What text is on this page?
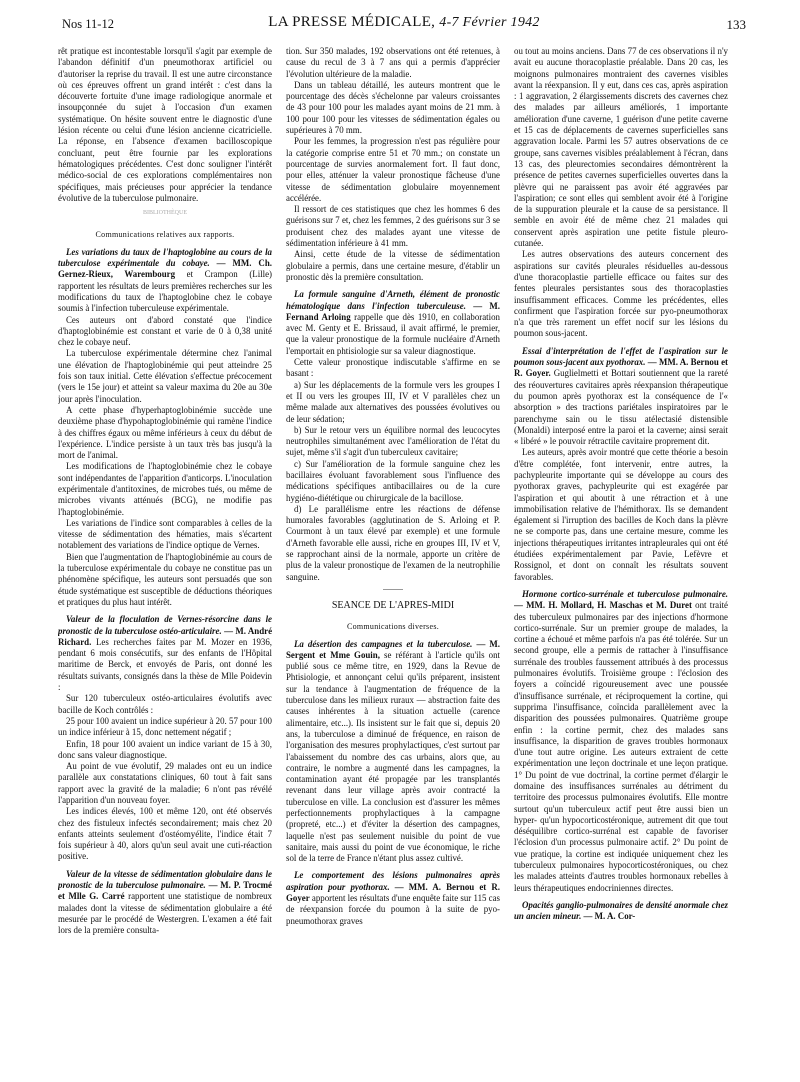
Nos 11-12	LA PRESSE MÉDICALE, 4-7 Février 1942	133

rêt pratique est incontestable lorsqu'il s'agit par exemple de l'abandon définitif d'un pneumothorax artificiel ou d'autoriser la reprise du travail. Il est une autre circonstance où ces épreuves offrent un grand intérêt : c'est dans la découverte fortuite d'une image radiologique anormale et insoupçonnée du sujet à l'occasion d'un examen systématique. On hésite souvent entre le diagnostic d'une lésion récente ou celui d'une lésion ancienne cicatricielle. La réponse, en l'absence d'examen bacilloscopique concluant, peut être fournie par les explorations hématologiques précédentes. C'est donc souligner l'intérêt médico-social de ces explorations complémentaires non spécifiques, mais précieuses pour apprécier la tendance évolutive de la tuberculose pulmonaire.

BIBLIOTHÈQUE

Communications relatives aux rapports.

Les variations du taux de l'haptoglobine au cours de la tuberculose expérimentale du cobaye. — MM. Ch. Gernez-Rieux, Warembourg et Crampon (Lille) rapportent les résultats de leurs premières recherches sur les modifications du taux de l'haptoglobine chez le cobaye soumis à l'infection tuberculeuse expérimentale.

Ces auteurs ont d'abord constaté que l'indice d'haptoglobinémie est constant et varie de 0 à 0,38 unité chez le cobaye neuf.

La tuberculose expérimentale détermine chez l'animal une élévation de l'haptoglobinémie qui peut atteindre 25 fois son taux initial. Cette élévation s'effectue précocement (vers le 15e jour) et atteint sa valeur maxima du 20e au 30e jour après l'inoculation.

A cette phase d'hyperhaptoglobinémie succède une deuxième phase d'hypohaptoglobinémie qui ramène l'indice à des chiffres égaux ou même inférieurs à ceux du début de l'expérience. L'indice persiste à un taux très bas jusqu'à la mort de l'animal.

Les modifications de l'haptoglobinémie chez le cobaye sont indépendantes de l'apparition d'anticorps. L'inoculation expérimentale d'antitoxines, de microbes tués, ou même de microbes vivants atténués (BCG), ne modifie pas l'haptoglobinémie.

Les variations de l'indice sont comparables à celles de la vitesse de sédimentation des hématies, mais s'écartent notablement des variations de l'indice optique de Vernes.

Bien que l'augmentation de l'haptoglobinémie au cours de la tuberculose expérimentale du cobaye ne constitue pas un phénomène spécifique, les auteurs sont persuadés que son étude systématique est susceptible de déductions théoriques et pratiques du plus haut intérêt.

Valeur de la floculation de Vernes-résorcine dans le pronostic de la tuberculose ostéo-articulaire. — M. André Richard. Les recherches faites par M. Mozer en 1936, pendant 6 mois consécutifs, sur des enfants de l'Hôpital maritime de Berck, et envoyés de Paris, ont donné les résultats suivants, consignés dans la thèse de Mlle Poidevin :

Sur 120 tuberculeux ostéo-articulaires évolutifs avec bacille de Koch contrôlés :

25 pour 100 avaient un indice supérieur à 20. 57 pour 100 un indice inférieur à 15, donc nettement négatif ;

Enfin, 18 pour 100 avaient un indice variant de 15 à 30, donc sans valeur diagnostique.

Au point de vue évolutif, 29 malades ont eu un indice parallèle aux constatations cliniques, 60 tout à fait sans rapport avec la gravité de la maladie; 6 n'ont pas révélé l'apparition d'un nouveau foyer.

Les indices élevés, 100 et même 120, ont été observés chez des fistuleux infectés secondairement; mais chez 20 enfants atteints seulement d'ostéomyélite, l'indice était 7 fois supérieur à 40, alors qu'un seul avait une cuti-réaction positive.

Valeur de la vitesse de sédimentation globulaire dans le pronostic de la tuberculose pulmonaire. — M. P. Trocmé et Mlle G. Carré rapportent une statistique de nombreux malades dont la vitesse de sédimentation globulaire a été mesurée par le procédé de Westergren. L'examen a été fait lors de la première consulta-

tion. Sur 350 malades, 192 observations ont été retenues, à cause du recul de 3 à 7 ans qui a permis d'apprécier l'évolution ultérieure de la maladie.

Dans un tableau détaillé, les auteurs montrent que le pourcentage des décès s'échelonne par valeurs croissantes de 43 pour 100 pour les malades ayant moins de 21 mm. à 100 pour 100 pour les vitesses de sédimentation égales ou supérieures à 70 mm.

Pour les femmes, la progression n'est pas régulière pour la catégorie comprise entre 51 et 70 mm.; on constate un pourcentage de survies anormalement fort. Il faut donc, pour elles, atténuer la valeur pronostique fâcheuse d'une vitesse de sédimentation globulaire moyennement accélérée.

Il ressort de ces statistiques que chez les hommes 6 des guérisons sur 7 et, chez les femmes, 2 des guérisons sur 3 se produisent chez des malades ayant une vitesse de sédimentation inférieure à 41 mm.

Ainsi, cette étude de la vitesse de sédimentation globulaire a permis, dans une certaine mesure, d'établir un pronostic dès la première consultation.

La formule sanguine d'Arneth, élément de pronostic hématologique dans l'infection tuberculeuse. — M. Fernand Arloing rappelle que dès 1910, en collaboration avec M. Genty et E. Brissaud, il avait affirmé, le premier, que la valeur pronostique de la formule nucléaire d'Arneth l'emportait en phtisiologie sur sa valeur diagnostique.

Cette valeur pronostique indiscutable s'affirme en se basant :

a) Sur les déplacements de la formule vers les groupes I et II ou vers les groupes III, IV et V parallèles chez un même malade aux alternatives des poussées évolutives ou de leur sédation;

b) Sur le retour vers un équilibre normal des leucocytes neutrophiles simultanément avec l'amélioration de l'état du sujet, même s'il s'agit d'un tuberculeux cavitaire;

c) Sur l'amélioration de la formule sanguine chez les bacillaires évoluant favorablement sous l'influence des médications spécifiques antibacillaires ou de la cure hygiéno-diététique ou chirurgicale de la bacillose.

d) Le parallélisme entre les réactions de défense humorales favorables (agglutination de S. Arloing et P. Courmont à un taux élevé par exemple) et une formule d'Arneth favorable elle aussi, riche en groupes III, IV et V, se rapprochant ainsi de la normale, apporte un critère de plus de la valeur pronostique de l'examen de la neutrophilie sanguine.

SEANCE DE L'APRES-MIDI

Communications diverses.

La désertion des campagnes et la tuberculose. — M. Sergent et Mme Gouin, se référant à l'article qu'ils ont publié sous ce même titre, en 1929, dans la Revue de Phtisiologie, et annonçant celui qu'ils préparent, insistent sur la tendance à l'augmentation de fréquence de la tuberculose dans les milieux ruraux — abstraction faite des causes inhérentes à la situation actuelle (carence alimentaire, etc...). Ils insistent sur le fait que si, depuis 20 ans, la tuberculose a diminué de fréquence, en raison de l'organisation des mesures prophylactiques, c'est surtout par l'abaissement du nombre des cas urbains, alors que, au contraire, le nombre a augmenté dans les campagnes, la contamination ayant été propagée par les transplantés revenant dans leur village après avoir contracté la tuberculose en ville. La conclusion est d'assurer les mêmes perfectionnements prophylactiques à la campagne (propreté, etc...) et d'éviter la désertion des campagnes, laquelle n'est pas seulement nuisible du point de vue sanitaire, mais aussi du point de vue économique, le riche sol de la terre de France n'étant plus assez cultivé.

Le comportement des lésions pulmonaires après aspiration pour pyothorax. — MM. A. Bernou et R. Goyer apportent les résultats d'une enquête faite sur 115 cas de réexpansion forcée du poumon à la suite de pyo-pneumothorax graves

ou tout au moins anciens. Dans 77 de ces observations il n'y avait eu aucune thoracoplastie préalable. Dans 20 cas, les moignons pulmonaires montraient des cavernes visibles avant la réexpansion. Il y eut, dans ces cas, après aspiration : 1 aggravation, 2 élargissements discrets des cavernes chez des malades par ailleurs améliorés, 1 importante amélioration d'une caverne, 1 guérison d'une petite caverne et 15 cas de déplacements de cavernes superficielles sans aggravation locale. Parmi les 57 autres observations de ce groupe, sans cavernes visibles préalablement à l'écran, dans 13 cas, des pleurectomies secondaires démontrèrent la présence de petites cavernes superficielles ouvertes dans la plèvre qui ne paraissent pas avoir été aggravées par l'aspiration; ce sont elles qui semblent avoir été à l'origine de la suppuration pleurale et la cause de sa persistance. Il semble en avoir été de même chez 21 malades qui conservent après aspiration une petite fistule pleuro-cutanée.

Les autres observations des auteurs concernent des aspirations sur cavités pleurales résiduelles au-dessous d'une thoracoplastie partielle efficace ou faites sur des fentes pleurales persistantes sous des thoracoplasties insuffisamment efficaces. Comme les précédentes, elles confirment que l'aspiration forcée sur pyo-pneumothorax n'a que très rarement un effet nocif sur les lésions du poumon sous-jacent.

Essai d'interprétation de l'effet de l'aspiration sur le poumon sous-jacent aux pyothorax. — MM. A. Bernou et R. Goyer. Guglielmetti et Bottari soutiennent que la rareté des réouvertures cavitaires après réexpansion thérapeutique du poumon après pyothorax est la conséquence de l'« absorption » des tractions pariétales inspiratoires par le parenchyme sain ou le tissu atélectasié distensible (Monaldi) interposé entre la paroi et la caverne; ainsi serait « libéré » le pouvoir rétractile cavitaire proprement dit.

Les auteurs, après avoir montré que cette théorie a besoin d'être complétée, font intervenir, entre autres, la pachypleurite importante qui se développe au cours des pyothorax graves, pachypleurite qui est exagérée par l'aspiration et qui aboutit à une rétraction et à une immobilisation relative de l'hémithorax. Ils se demandent également si l'irruption des bacilles de Koch dans la plèvre ne se comporte pas, dans une certaine mesure, comme les injections thérapeutiques irritantes intrapleurales qui ont été étudiées expérimentalement par Pavie, Lefèvre et Rossignol, et dont on connaît les résultats souvent favorables.

Hormone cortico-surrénale et tuberculose pulmonaire. — MM. H. Mollard, H. Maschas et M. Duret ont traité des tuberculeux pulmonaires par des injections d'hormone cortico-surrénale. Sur un premier groupe de malades, la cortine a échoué et même parfois n'a pas été tolérée. Sur un second groupe, elle a permis de rattacher à l'insuffisance surrénale des troubles faussement attribués à des processus pulmonaires évolutifs. Troisième groupe : l'éclosion des foyers a coïncidé rigoureusement avec une poussée d'insuffisance surrénale, et réciproquement la cortine, qui supprima l'insuffisance, coïncida parallèlement avec la disparition des poussées pulmonaires. Quatrième groupe enfin : la cortine permit, chez des malades sans insuffisance, la disparition de graves troubles hormonaux d'une tout autre origine. Les auteurs extraient de cette expérimentation une leçon doctrinale et une leçon pratique. 1° Du point de vue doctrinal, la cortine permet d'élargir le domaine des insuffisances surrénales au détriment du territoire des processus pulmonaires évolutifs. Elle montre surtout qu'un tuberculeux actif peut être aussi bien un hyper- qu'un hypocorticostéronique, autrement dit que tout déséquilibre cortico-surrénal est capable de favoriser l'éclosion d'un processus pulmonaire actif. 2° Du point de vue pratique, la cortine est indiquée uniquement chez les tuberculeux pulmonaires hypocorticostéroniques, ou chez les malades atteints d'autres troubles hormonaux rebelles à leurs thérapeutiques endocriniennes directes.

Opacités ganglio-pulmonaires de densité anormale chez un ancien mineur. — M. A. Cor-
